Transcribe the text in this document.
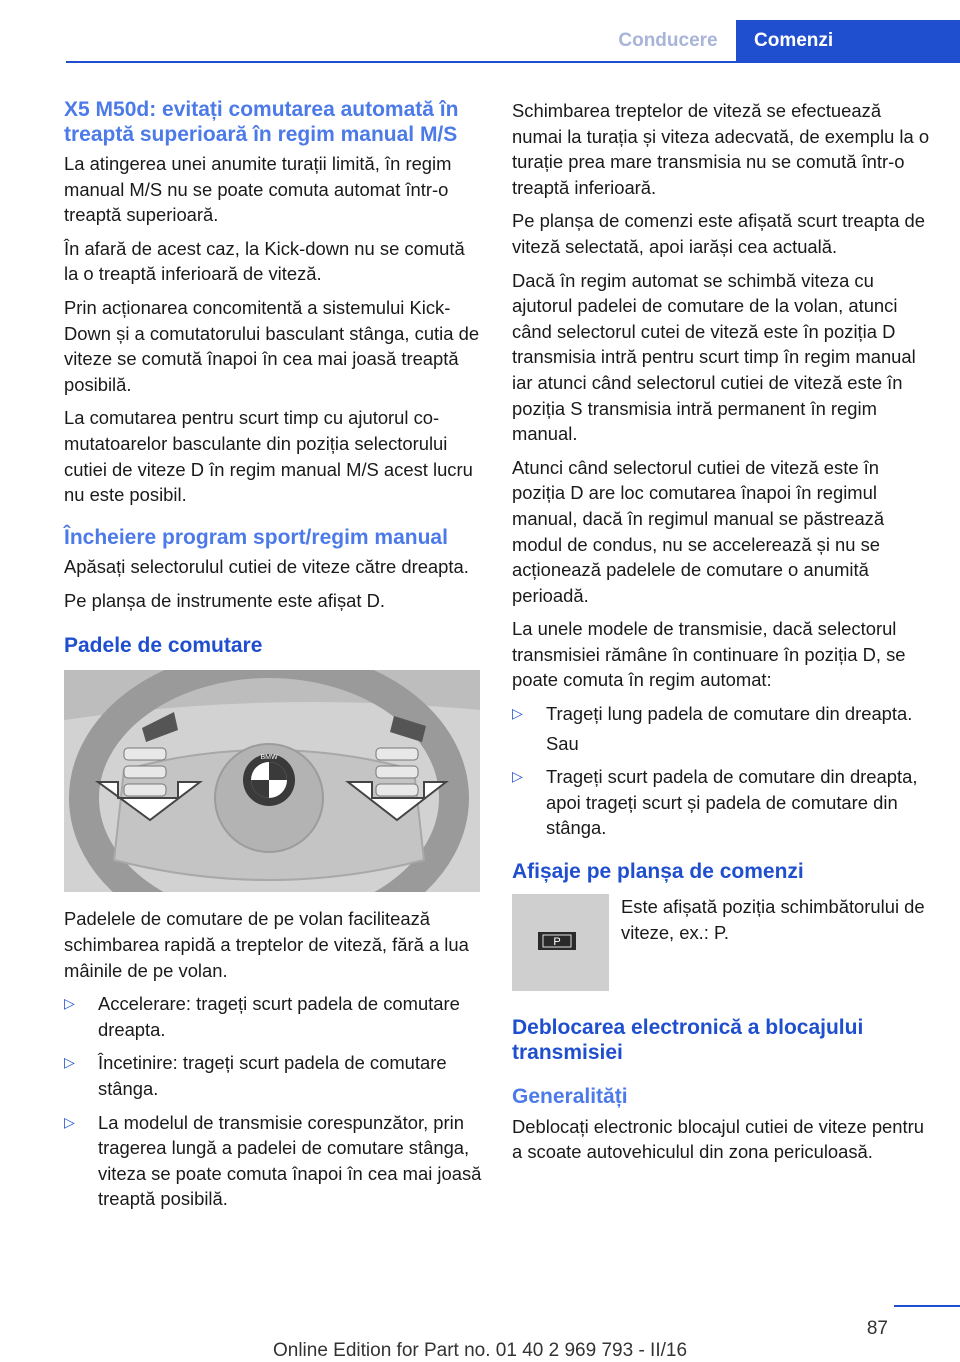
Conducere	Comenzi
X5 M50d: evitați comutarea automată în treaptă superioară în regim manual M/S

La atingerea unei anumite turații limită, în regim manual M/S nu se poate comuta automat într-o treaptă superioară.

În afară de acest caz, la Kick-down nu se comută la o treaptă inferioară de viteză.

Prin acționarea concomitentă a sistemului Kick-Down și a comutatorului basculant stânga, cutia de viteze se comută înapoi în cea mai joasă treaptă posibilă.

La comutarea pentru scurt timp cu ajutorul comutatoarelor basculante din poziția selectorului cutiei de viteze D în regim manual M/S acest lucru nu este posibil.

Încheiere program sport/regim manual

Apăsați selectorulul cutiei de viteze către dreapta.

Pe planșa de instrumente este afișat D.

Padele de comutare
BMW

Padelele de comutare de pe volan facilitează schimbarea rapidă a treptelor de viteză, fără a lua mâinile de pe volan.

▷ Accelerare: trageți scurt padela de comutare dreapta.
▷ Încetinire: trageți scurt padela de comutare stânga.
▷ La modelul de transmisie corespunzător, prin tragerea lungă a padelei de comutare stânga, viteza se poate comuta înapoi în cea mai joasă treaptă posibilă.

Schimbarea treptelor de viteză se efectuează numai la turația și viteza adecvată, de exemplu la o turație prea mare transmisia nu se comută într-o treaptă inferioară.

Pe planșa de comenzi este afișată scurt treapta de viteză selectată, apoi iarăși cea actuală.

Dacă în regim automat se schimbă viteza cu ajutorul padelei de comutare de la volan, atunci când selectorul cutei de viteză este în poziția D transmisia intră pentru scurt timp în regim manual iar atunci când selectorul cutiei de viteză este în poziția S transmisia intră permanent în regim manual.

Atunci când selectorul cutiei de viteză este în poziția D are loc comutarea înapoi în regimul manual, dacă în regimul manual se păstrează modul de condus, nu se accelerează și nu se acționează padelele de comutare o anumită perioadă.

La unele modele de transmisie, dacă selectorul transmisiei rămâne în continuare în poziția D, se poate comuta în regim automat:

▷ Trageți lung padela de comutare din dreapta.

Sau

▷ Trageți scurt padela de comutare din dreapta, apoi trageți scurt și padela de comutare din stânga.
Afișaje pe planșa de comenzi
P

Este afișată poziția schimbătorului de viteze, ex.: P.

Deblocarea electronică a blocajului transmisiei
Generalități

Deblocați electronic blocajul cutiei de viteze pentru a scoate autovehiculul din zona periculoasă.

87
Online Edition for Part no. 01 40 2 969 793 - II/16
